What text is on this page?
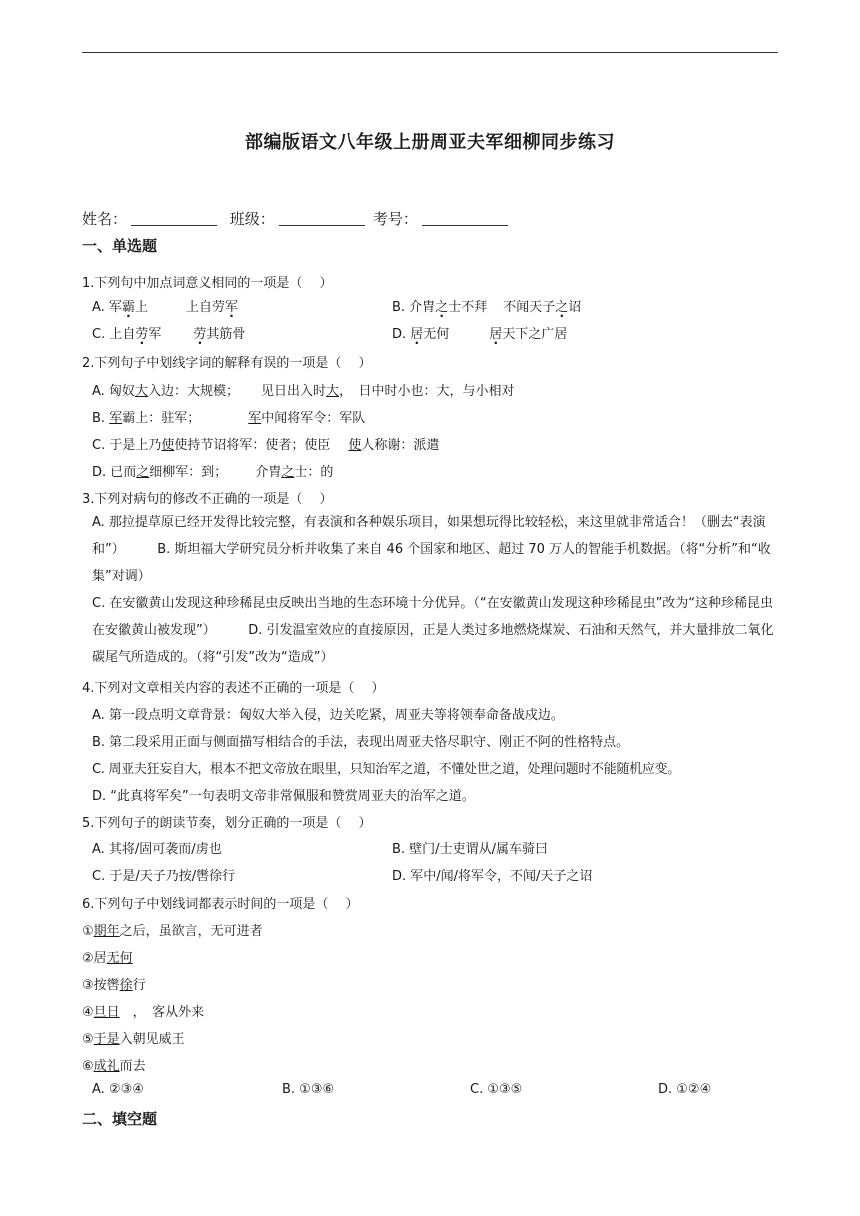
部编版语文八年级上册周亚夫军细柳同步练习
姓名：	班级：	考号：
一、单选题
1.下列句中加点词意义相同的一项是（　 ）
A. 军霸上	上自劳军	B. 介胄之士不拜 不闻天子之诏
C. 上自劳军 劳其筋骨	D. 居无何	居天下之广居
2.下列句子中划线字词的解释有误的一项是（　 ）
A. 匈奴大入边：大规模； 见日出入时大，　日中时小也：大，与小相对
B. 军霸上：驻军；	军中闻将军令：军队
C. 于是上乃使使持节诏将军：使者；使臣 使人称谢：派遣
D. 已而之细柳军：到； 介胄之士：的
3.下列对病句的修改不正确的一项是（　 ）
A. 那拉提草原已经开发得比较完整，有表演和各种娱乐项目，如果想玩得比较轻松，来这里就非常适合！（删去“表演和”）　　　B. 斯坦福大学研究员分析并收集了来自 46 个国家和地区、超过 70 万人的智能手机数据。（将“分析”和“收集”对调）
C. 在安徽黄山发现这种珍稀昆虫反映出当地的生态环境十分优异。（“在安徽黄山发现这种珍稀昆虫”改为“这种珍稀昆虫在安徽黄山被发现”）　　　D. 引发温室效应的直接原因，正是人类过多地燃烧煤炭、石油和天然气，并大量排放二氧化碳尾气所造成的。（将“引发”改为“造成”）
4.下列对文章相关内容的表述不正确的一项是（　 ）
A. 第一段点明文章背景：匈奴大举入侵，边关吃紧，周亚夫等将领奉命备战戍边。
B. 第二段采用正面与侧面描写相结合的手法，表现出周亚夫恪尽职守、刚正不阿的性格特点。
C. 周亚夫狂妄自大，根本不把文帝放在眼里，只知治军之道，不懂处世之道，处理问题时不能随机应变。
D. “此真将军矣”一句表明文帝非常佩服和赞赏周亚夫的治军之道。
5.下列句子的朗读节奏，划分正确的一项是（　 ）
A. 其将/固可袭而/虏也	B. 壁门/士吏谓从/属车骑曰
C. 于是/天子乃按/辔徐行	D. 军中/闻/将军令，不闻/天子之诏
6.下列句子中划线词都表示时间的一项是（　 ）
①期年之后，虽欲言，无可进者
②居无何
③按辔徐行
④旦日　，　客从外来
⑤于是入朝见威王
⑥成礼而去
A. ②③④	B. ①③⑥	C. ①③⑤	D. ①②④
二、填空题
